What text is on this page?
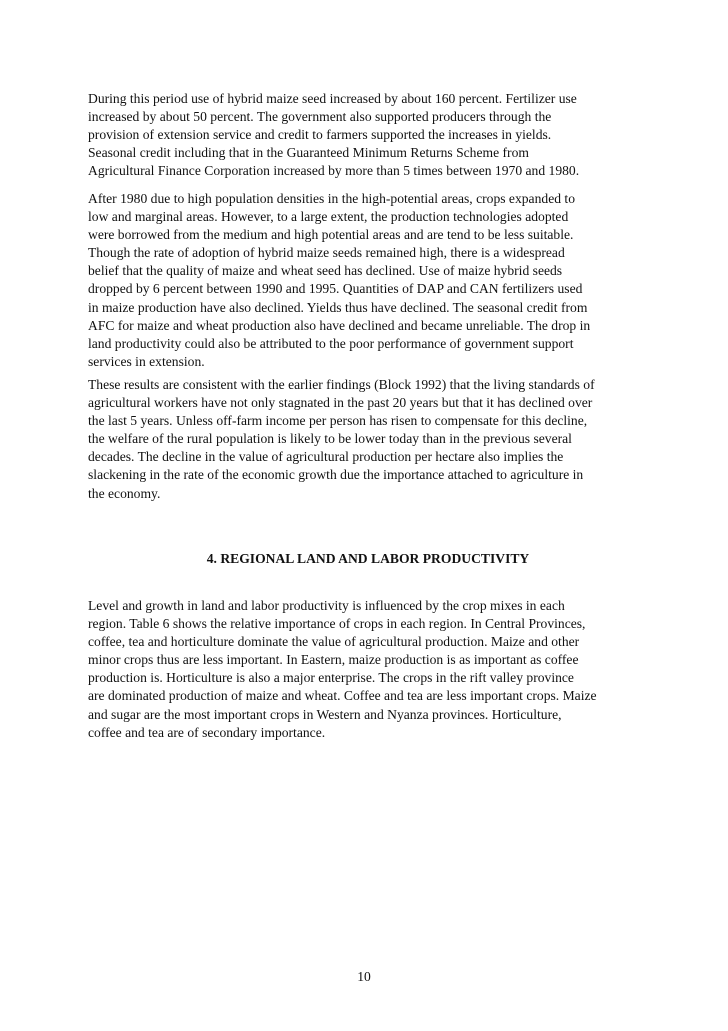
During this period use of hybrid maize seed increased by about 160 percent. Fertilizer use
increased by about 50 percent. The government also supported producers through the
provision of extension service and credit to farmers supported the increases in yields.
Seasonal credit including that in the Guaranteed Minimum Returns Scheme from
Agricultural Finance Corporation increased by more than 5 times between 1970 and 1980.

After 1980 due to high population densities in the high-potential areas, crops expanded to
low and marginal areas. However, to a large extent, the production technologies adopted
were borrowed from the medium and high potential areas and are tend to be less suitable.
Though the rate of adoption of hybrid maize seeds remained high, there is a widespread
belief that the quality of maize and wheat seed has declined. Use of maize hybrid seeds
dropped by 6 percent between 1990 and 1995. Quantities of DAP and CAN fertilizers used
in maize production have also declined. Yields thus have declined. The seasonal credit from
AFC for maize and wheat production also have declined and became unreliable. The drop in
land productivity could also be attributed to the poor performance of government support
services in extension.

These results are consistent with the earlier findings (Block 1992) that the living standards of
agricultural workers have not only stagnated in the past 20 years but that it has declined over
the last 5 years. Unless off-farm income per person has risen to compensate for this decline,
the welfare of the rural population is likely to be lower today than in the previous several
decades. The decline in the value of agricultural production per hectare also implies the
slackening in the rate of the economic growth due the importance attached to agriculture in
the economy.

4. REGIONAL LAND AND LABOR PRODUCTIVITY

Level and growth in land and labor productivity is influenced by the crop mixes in each
region. Table 6 shows the relative importance of crops in each region. In Central Provinces,
coffee, tea and horticulture dominate the value of agricultural production. Maize and other
minor crops thus are less important. In Eastern, maize production is as important as coffee
production is. Horticulture is also a major enterprise. The crops in the rift valley province
are dominated production of maize and wheat. Coffee and tea are less important crops. Maize
and sugar are the most important crops in Western and Nyanza provinces. Horticulture,
coffee and tea are of secondary importance.

10
